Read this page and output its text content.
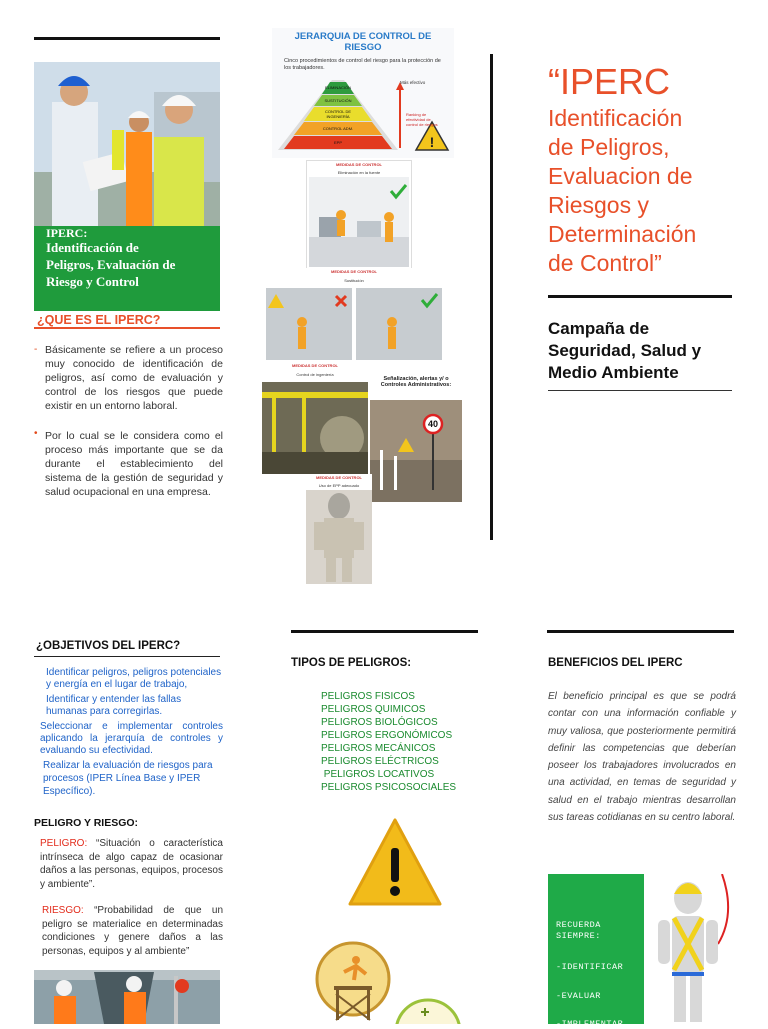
IPERC:
Identificación de
Peligros, Evaluación de
Riesgo y Control
¿QUE ES EL IPERC?
- Básicamente se refiere a un proceso muy conocido de identificación de peligros, así como de evaluación y control de los riesgos que puede existir en un entorno laboral.
• Por lo cual se le considera como el proceso más importante que se da durante el establecimiento del sistema de la gestión de seguridad y salud ocupacional en una empresa.
JERARQUIA DE CONTROL DE
RIESGO
Cinco procedimientos de control del riesgo para la protección de los trabajadores.
!
ELIMINACIÓN
SUSTITUCIÓN
CONTROL DE INGENIERÍA
CONTROL ADM.
EPP
Más efectivo
Ranking de efectividad de control de riesgos
MEDIDAS DE CONTROL
Eliminación en la fuente
MEDIDAS DE CONTROL
Sustitución
MEDIDAS DE CONTROL
Control de ingeniería
Señalización, alertas y/ o Controles Administrativos:
40
MEDIDAS DE CONTROL
Uso de EPP adecuado
“IPERC
Identificación
de Peligros,
Evaluacion de
Riesgos y
Determinación
de Control”
Campaña de
Seguridad, Salud y
Medio Ambiente
¿OBJETIVOS DEL IPERC?
Identificar peligros, peligros potenciales y energía en el lugar de trabajo,
Identificar y entender las fallas humanas para corregirlas.
Seleccionar e implementar controles aplicando la jerarquía de controles y evaluando su efectividad.
Realizar la evaluación de riesgos para procesos (IPER Línea Base y IPER Específico).
PELIGRO Y RIESGO:
PELIGRO: “Situación o característica intrínseca de algo capaz de ocasionar daños a las personas, equipos, procesos y ambiente”.
RIESGO: “Probabilidad de que un peligro se materialice en determinadas condiciones y genere daños a las personas, equipos y al ambiente”
TIPOS DE PELIGROS:
PELIGROS FISICOS
PELIGROS QUIMICOS
PELIGROS BIOLÓGICOS
PELIGROS ERGONÓMICOS
PELIGROS MECÁNICOS
PELIGROS ELÉCTRICOS
PELIGROS LOCATIVOS
PELIGROS PSICOSOCIALES
BENEFICIOS DEL IPERC
El beneficio principal es que se podrá contar con una información confiable y muy valiosa, que posteriormente permitirá definir las competencias que deberían poseer los trabajadores involucrados en una actividad, en temas de seguridad y salud en el trabajo mientras desarrollan sus tareas cotidianas en su centro laboral.
RECUERDA
SIEMPRE:
-IDENTIFICAR
-EVALUAR
-IMPLEMENTAR
